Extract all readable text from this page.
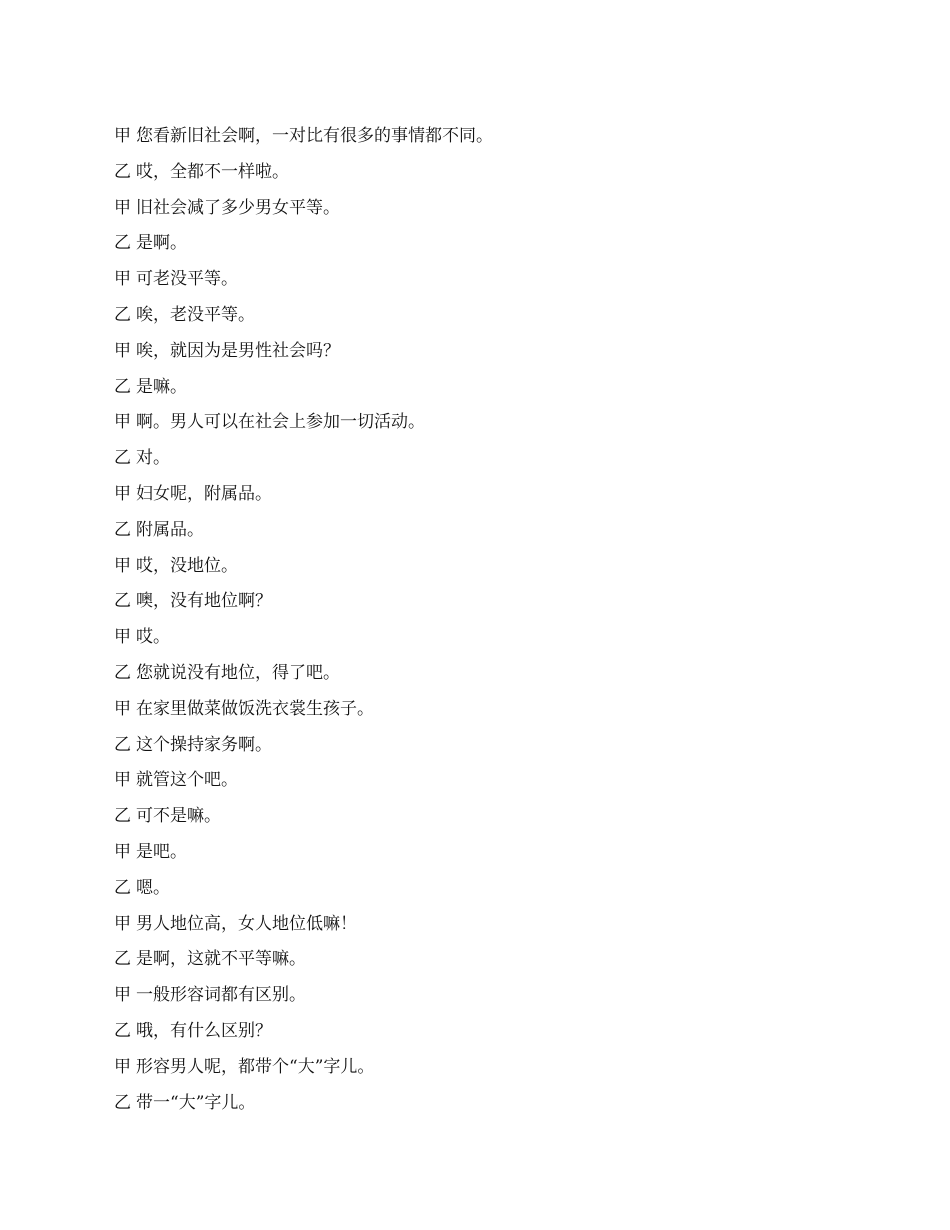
甲 您看新旧社会啊，一对比有很多的事情都不同。
乙 哎，全都不一样啦。
甲 旧社会减了多少男女平等。
乙 是啊。
甲 可老没平等。
乙 唉，老没平等。
甲 唉，就因为是男性社会吗？
乙 是嘛。
甲 啊。男人可以在社会上参加一切活动。
乙 对。
甲 妇女呢，附属品。
乙 附属品。
甲 哎，没地位。
乙 噢，没有地位啊？
甲 哎。
乙 您就说没有地位，得了吧。
甲 在家里做菜做饭洗衣裳生孩子。
乙 这个操持家务啊。
甲 就管这个吧。
乙 可不是嘛。
甲 是吧。
乙 嗯。
甲 男人地位高，女人地位低嘛！
乙 是啊，这就不平等嘛。
甲 一般形容词都有区别。
乙 哦，有什么区别？
甲 形容男人呢，都带个“大”字儿。
乙 带一“大”字儿。
